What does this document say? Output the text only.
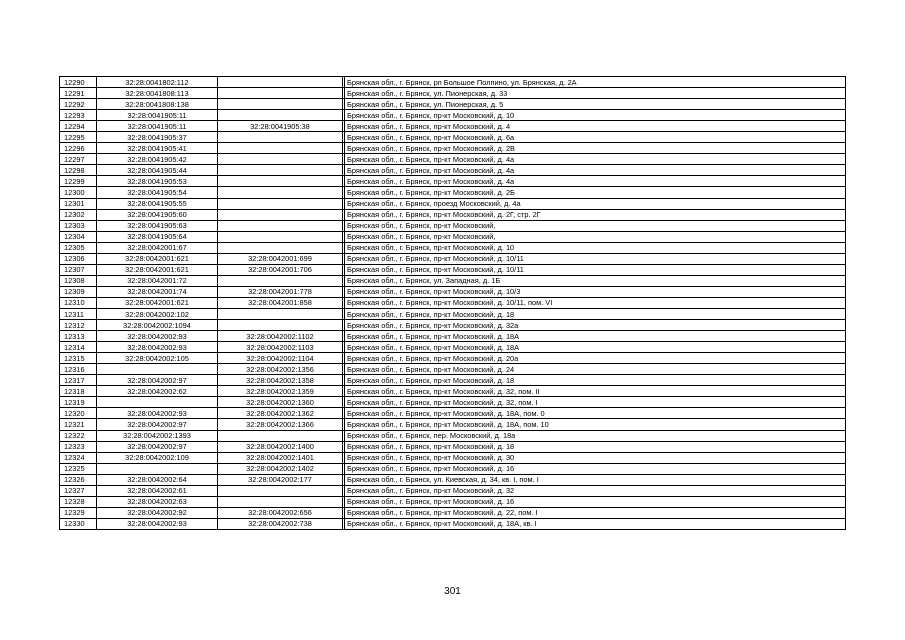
12290	32:28:0041802:112			Брянская обл., г. Брянск, рп Большое Полпино, ул. Брянская, д. 2А
12291	32:28:0041808:113			Брянская обл., г. Брянск, ул. Пионерская, д. 33
12292	32:28:0041808:138			Брянская обл., г. Брянск, ул. Пионерская, д. 5
12293	32:28:0041905:11			Брянская обл., г. Брянск, пр-кт Московский, д. 10
12294	32:28:0041905:11	32:28:0041905:38		Брянская обл., г. Брянск, пр-кт Московский, д. 4
12295	32:28:0041905:37			Брянская обл., г. Брянск, пр-кт Московский, д. 6а
12296	32:28:0041905:41			Брянская обл., г. Брянск, пр-кт Московский, д. 2В
12297	32:28:0041905:42			Брянская обл., г. Брянск, пр-кт Московский, д. 4а
12298	32:28:0041905:44			Брянская обл., г. Брянск, пр-кт Московский, д. 4а
12299	32:28:0041905:53			Брянская обл., г. Брянск, пр-кт Московский, д. 4а
12300	32:28:0041905:54			Брянская обл., г. Брянск, пр-кт Московский, д. 2Б
12301	32:28:0041905:55			Брянская обл., г. Брянск, проезд Московский, д. 4а
12302	32:28:0041905:60			Брянская обл., г. Брянск, пр-кт Московский, д. 2Г, стр. 2Г
12303	32:28:0041905:63			Брянская обл., г. Брянск, пр-кт Московский,
12304	32:28:0041905:64			Брянская обл., г. Брянск, пр-кт Московский,
12305	32:28:0042001:67			Брянская обл., г. Брянск, пр-кт Московский, д. 10
12306	32:28:0042001:621	32:28:0042001:699		Брянская обл., г. Брянск, пр-кт Московский, д. 10/11
12307	32:28:0042001:621	32:28:0042001:706		Брянская обл., г. Брянск, пр-кт Московский, д. 10/11
12308	32:28:0042001:72			Брянская обл., г. Брянск, ул. Западная, д. 1Б
12309	32:28:0042001:74	32:28:0042001:778		Брянская обл., г. Брянск, пр-кт Московский, д. 10/3
12310	32:28:0042001:621	32:28:0042001:858		Брянская обл., г. Брянск, пр-кт Московский, д. 10/11, пом. VI
12311	32:28:0042002:102			Брянская обл., г. Брянск, пр-кт Московский, д. 18
12312	32:28:0042002:1094			Брянская обл., г. Брянск, пр-кт Московский, д. 32а
12313	32:28:0042002:93	32:28:0042002:1102		Брянская обл., г. Брянск, пр-кт Московский, д. 18А
12314	32:28:0042002:93	32:28:0042002:1103		Брянская обл., г. Брянск, пр-кт Московский, д. 18А
12315	32:28:0042002:105	32:28:0042002:1104		Брянская обл., г. Брянск, пр-кт Московский, д. 20а
12316		32:28:0042002:1356		Брянская обл., г. Брянск, пр-кт Московский, д. 24
12317	32:28:0042002:97	32:28:0042002:1358		Брянская обл., г. Брянск, пр-кт Московский, д. 18
12318	32:28:0042002:62	32:28:0042002:1359		Брянская обл., г. Брянск, пр-кт Московский, д. 32, пом. II
12319		32:28:0042002:1360		Брянская обл., г. Брянск, пр-кт Московский, д. 32, пом. I
12320	32:28:0042002:93	32:28:0042002:1362		Брянская обл., г. Брянск, пр-кт Московский, д. 18А, пом. 0
12321	32:28:0042002:97	32:28:0042002:1366		Брянская обл., г. Брянск, пр-кт Московский, д. 18А, пом. 10
12322	32:28:0042002:1393			Брянская обл., г. Брянск, пер. Московский, д. 18а
12323	32:28:0042002:97	32:28:0042002:1400		Брянская обл., г. Брянск, пр-кт Московский, д. 18
12324	32:28:0042002:109	32:28:0042002:1401		Брянская обл., г. Брянск, пр-кт Московский, д. 30
12325		32:28:0042002:1402		Брянская обл., г. Брянск, пр-кт Московский, д. 16
12326	32:28:0042002:64	32:28:0042002:177		Брянская обл., г. Брянск, ул. Киевская, д. 34, кв. I, пом. I
12327	32:28:0042002:61			Брянская обл., г. Брянск, пр-кт Московский, д. 32
12328	32:28:0042002:63			Брянская обл., г. Брянск, пр-кт Московский, д. 16
12329	32:28:0042002:92	32:28:0042002:656		Брянская обл., г. Брянск, пр-кт Московский, д. 22, пом. I
12330	32:28:0042002:93	32:28:0042002:738		Брянская обл., г. Брянск, пр-кт Московский, д. 18А, кв. I
301
